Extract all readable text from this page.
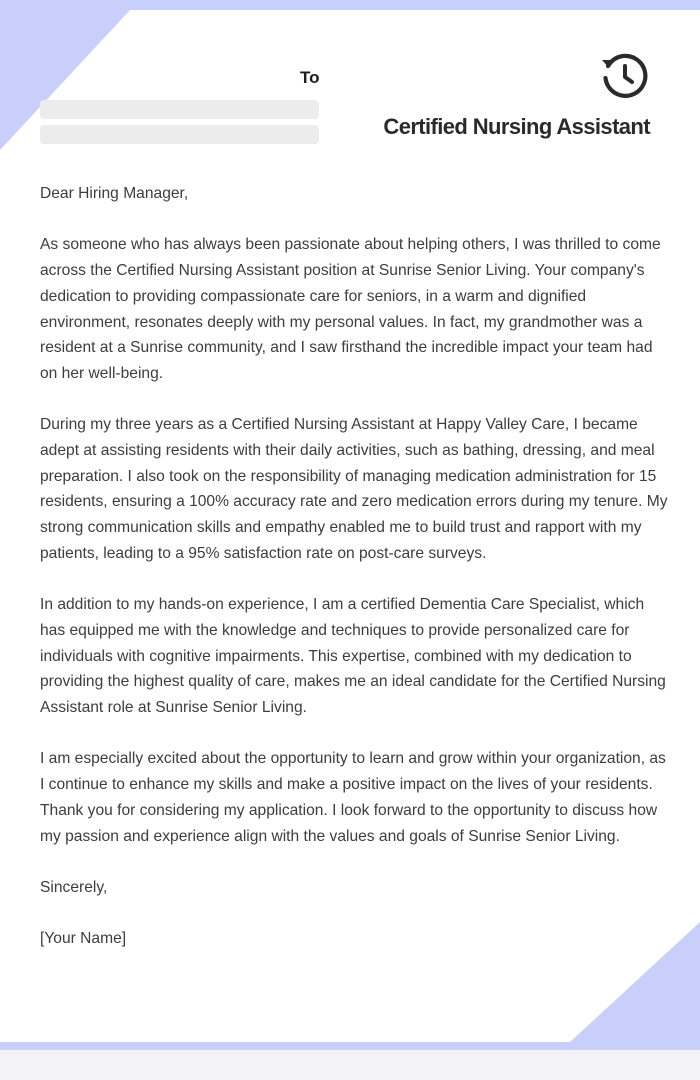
To
Certified Nursing Assistant

Dear Hiring Manager,

As someone who has always been passionate about helping others, I was thrilled to come across the Certified Nursing Assistant position at Sunrise Senior Living. Your company's dedication to providing compassionate care for seniors, in a warm and dignified environment, resonates deeply with my personal values. In fact, my grandmother was a resident at a Sunrise community, and I saw firsthand the incredible impact your team had on her well-being.

During my three years as a Certified Nursing Assistant at Happy Valley Care, I became adept at assisting residents with their daily activities, such as bathing, dressing, and meal preparation. I also took on the responsibility of managing medication administration for 15 residents, ensuring a 100% accuracy rate and zero medication errors during my tenure. My strong communication skills and empathy enabled me to build trust and rapport with my patients, leading to a 95% satisfaction rate on post-care surveys.

In addition to my hands-on experience, I am a certified Dementia Care Specialist, which has equipped me with the knowledge and techniques to provide personalized care for individuals with cognitive impairments. This expertise, combined with my dedication to providing the highest quality of care, makes me an ideal candidate for the Certified Nursing Assistant role at Sunrise Senior Living.

I am especially excited about the opportunity to learn and grow within your organization, as I continue to enhance my skills and make a positive impact on the lives of your residents. Thank you for considering my application. I look forward to the opportunity to discuss how my passion and experience align with the values and goals of Sunrise Senior Living.

Sincerely,

[Your Name]
